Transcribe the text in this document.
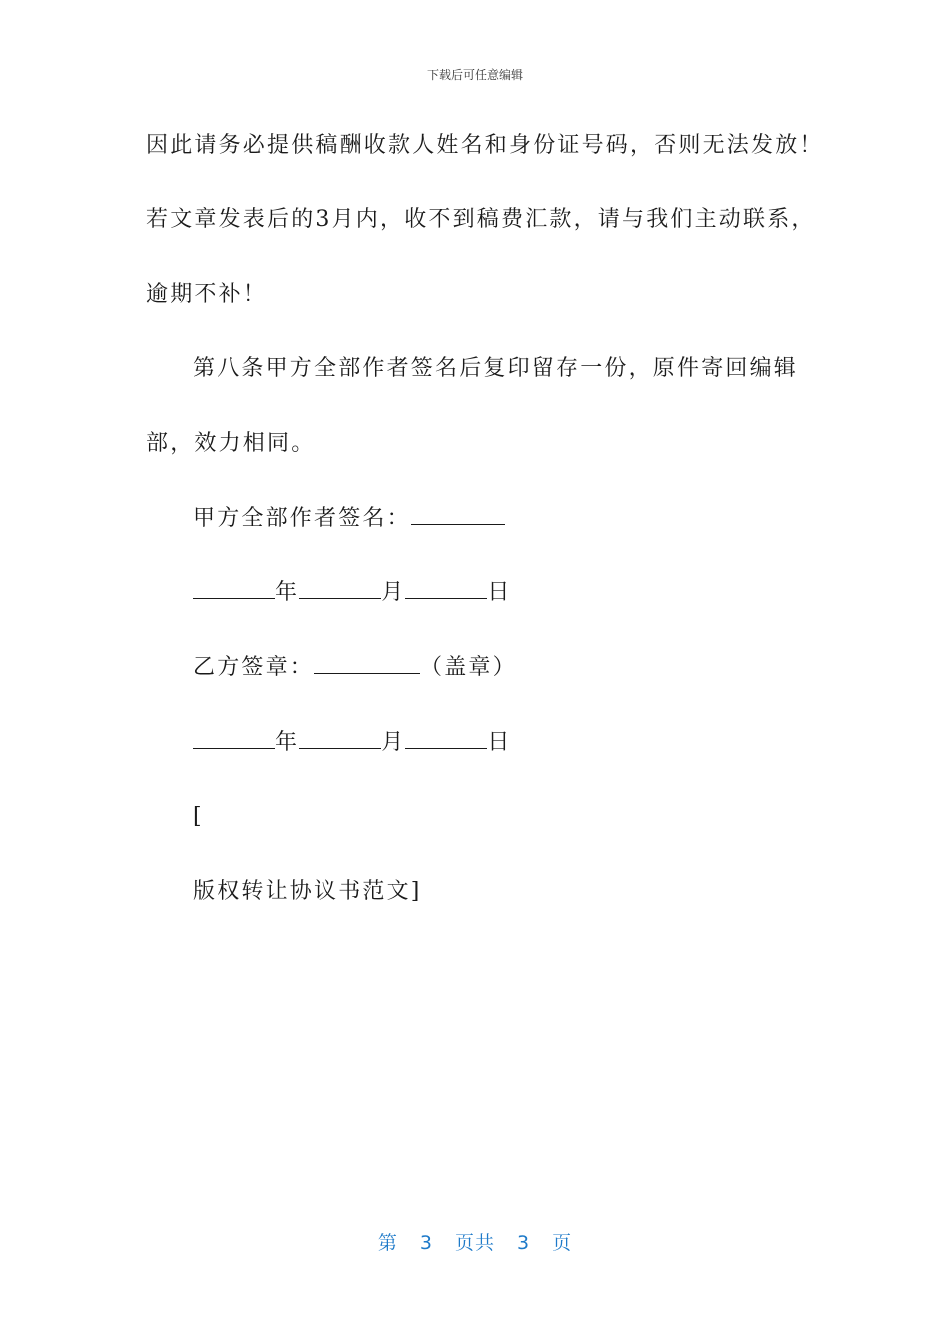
下载后可任意编辑
因此请务必提供稿酬收款人姓名和身份证号码，否则无法发放！
若文章发表后的3月内，收不到稿费汇款，请与我们主动联系，
逾期不补！
第八条甲方全部作者签名后复印留存一份，原件寄回编辑
部，效力相同。
甲方全部作者签名：
年	月	日
乙方签章：	（盖章）
年	月	日
[
版权转让协议书范文]
第 3 页共 3 页
